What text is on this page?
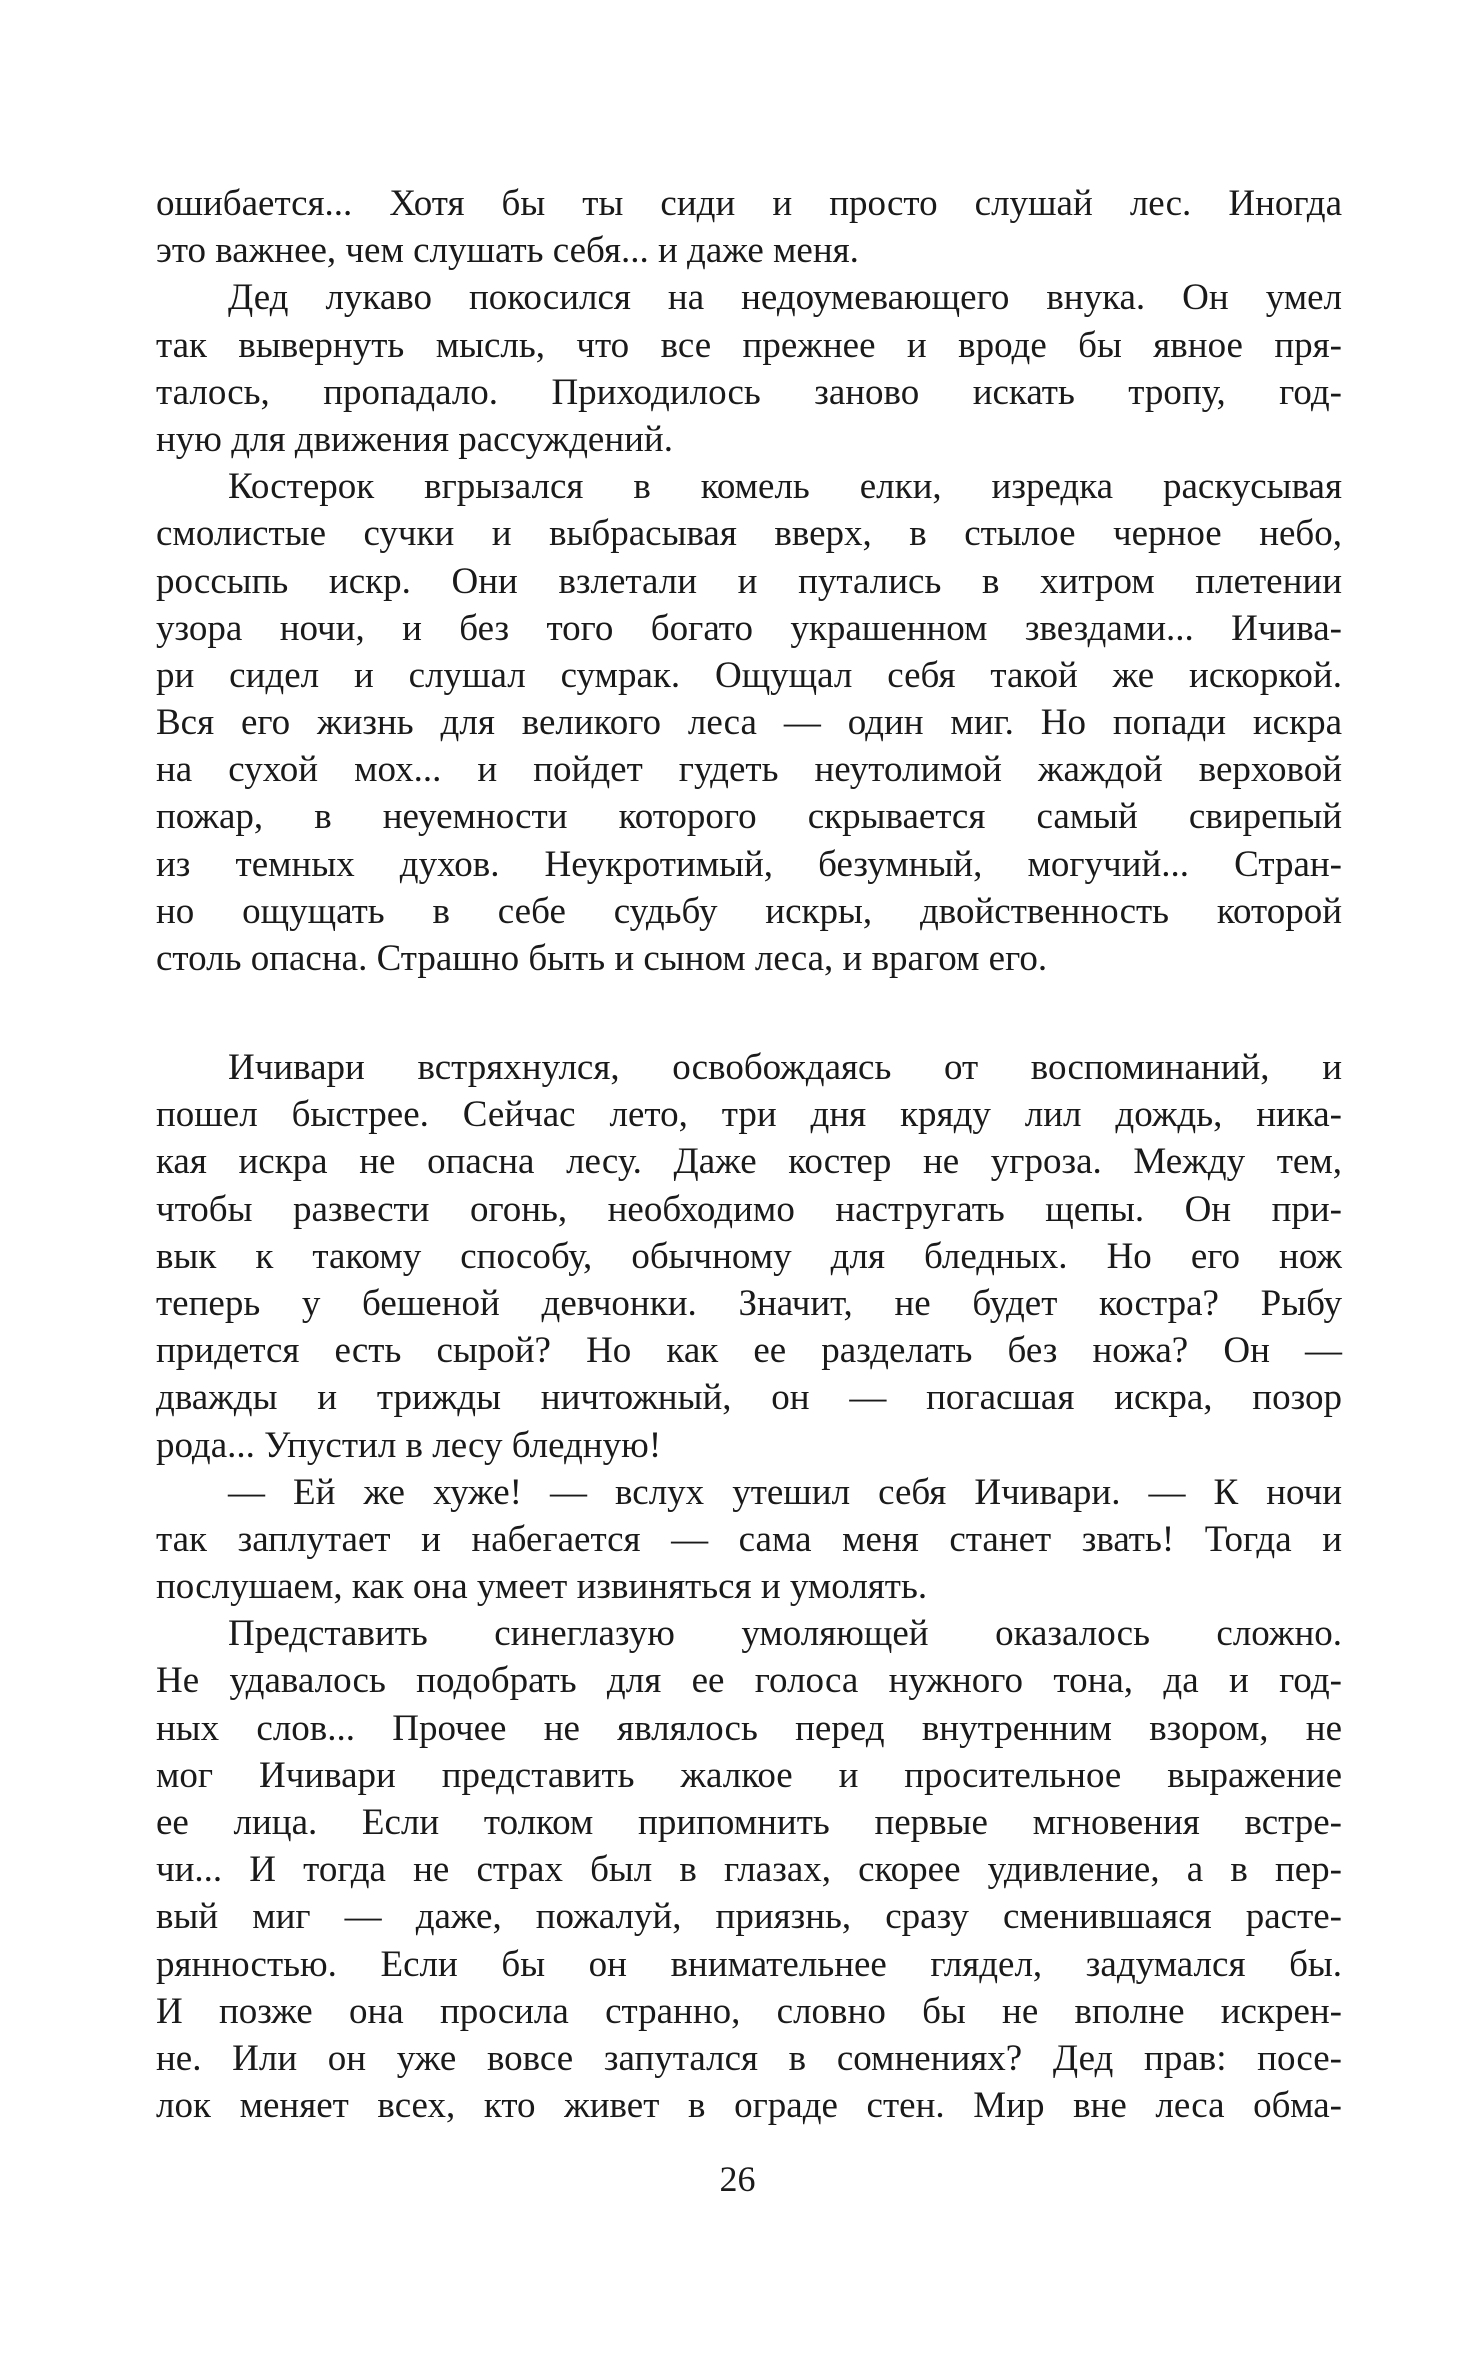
ошибается... Хотя бы ты сиди и просто слушай лес. Иногда
это важнее, чем слушать себя... и даже меня.
Дед лукаво покосился на недоумевающего внука. Он умел
так вывернуть мысль, что все прежнее и вроде бы явное пря-
талось, пропадало. Приходилось заново искать тропу, год-
ную для движения рассуждений.
Костерок вгрызался в комель елки, изредка раскусывая
смолистые сучки и выбрасывая вверх, в стылое черное небо,
россыпь искр. Они взлетали и путались в хитром плетении
узора ночи, и без того богато украшенном звездами... Ичива-
ри сидел и слушал сумрак. Ощущал себя такой же искоркой.
Вся его жизнь для великого леса — один миг. Но попади искра
на сухой мох... и пойдет гудеть неутолимой жаждой верховой
пожар, в неуемности которого скрывается самый свирепый
из темных духов. Неукротимый, безумный, могучий... Стран-
но ощущать в себе судьбу искры, двойственность которой
столь опасна. Страшно быть и сыном леса, и врагом его.
Ичивари встряхнулся, освобождаясь от воспоминаний, и
пошел быстрее. Сейчас лето, три дня кряду лил дождь, ника-
кая искра не опасна лесу. Даже костер не угроза. Между тем,
чтобы развести огонь, необходимо настругать щепы. Он при-
вык к такому способу, обычному для бледных. Но его нож
теперь у бешеной девчонки. Значит, не будет костра? Рыбу
придется есть сырой? Но как ее разделать без ножа? Он —
дважды и трижды ничтожный, он — погасшая искра, позор
рода... Упустил в лесу бледную!
— Ей же хуже! — вслух утешил себя Ичивари. — К ночи
так заплутает и набегается — сама меня станет звать! Тогда и
послушаем, как она умеет извиняться и умолять.
Представить синеглазую умоляющей оказалось сложно.
Не удавалось подобрать для ее голоса нужного тона, да и год-
ных слов... Прочее не являлось перед внутренним взором, не
мог Ичивари представить жалкое и просительное выражение
ее лица. Если толком припомнить первые мгновения встре-
чи... И тогда не страх был в глазах, скорее удивление, а в пер-
вый миг — даже, пожалуй, приязнь, сразу сменившаяся расте-
рянностью. Если бы он внимательнее глядел, задумался бы.
И позже она просила странно, словно бы не вполне искрен-
не. Или он уже вовсе запутался в сомнениях? Дед прав: посе-
лок меняет всех, кто живет в ограде стен. Мир вне леса обма-
26
